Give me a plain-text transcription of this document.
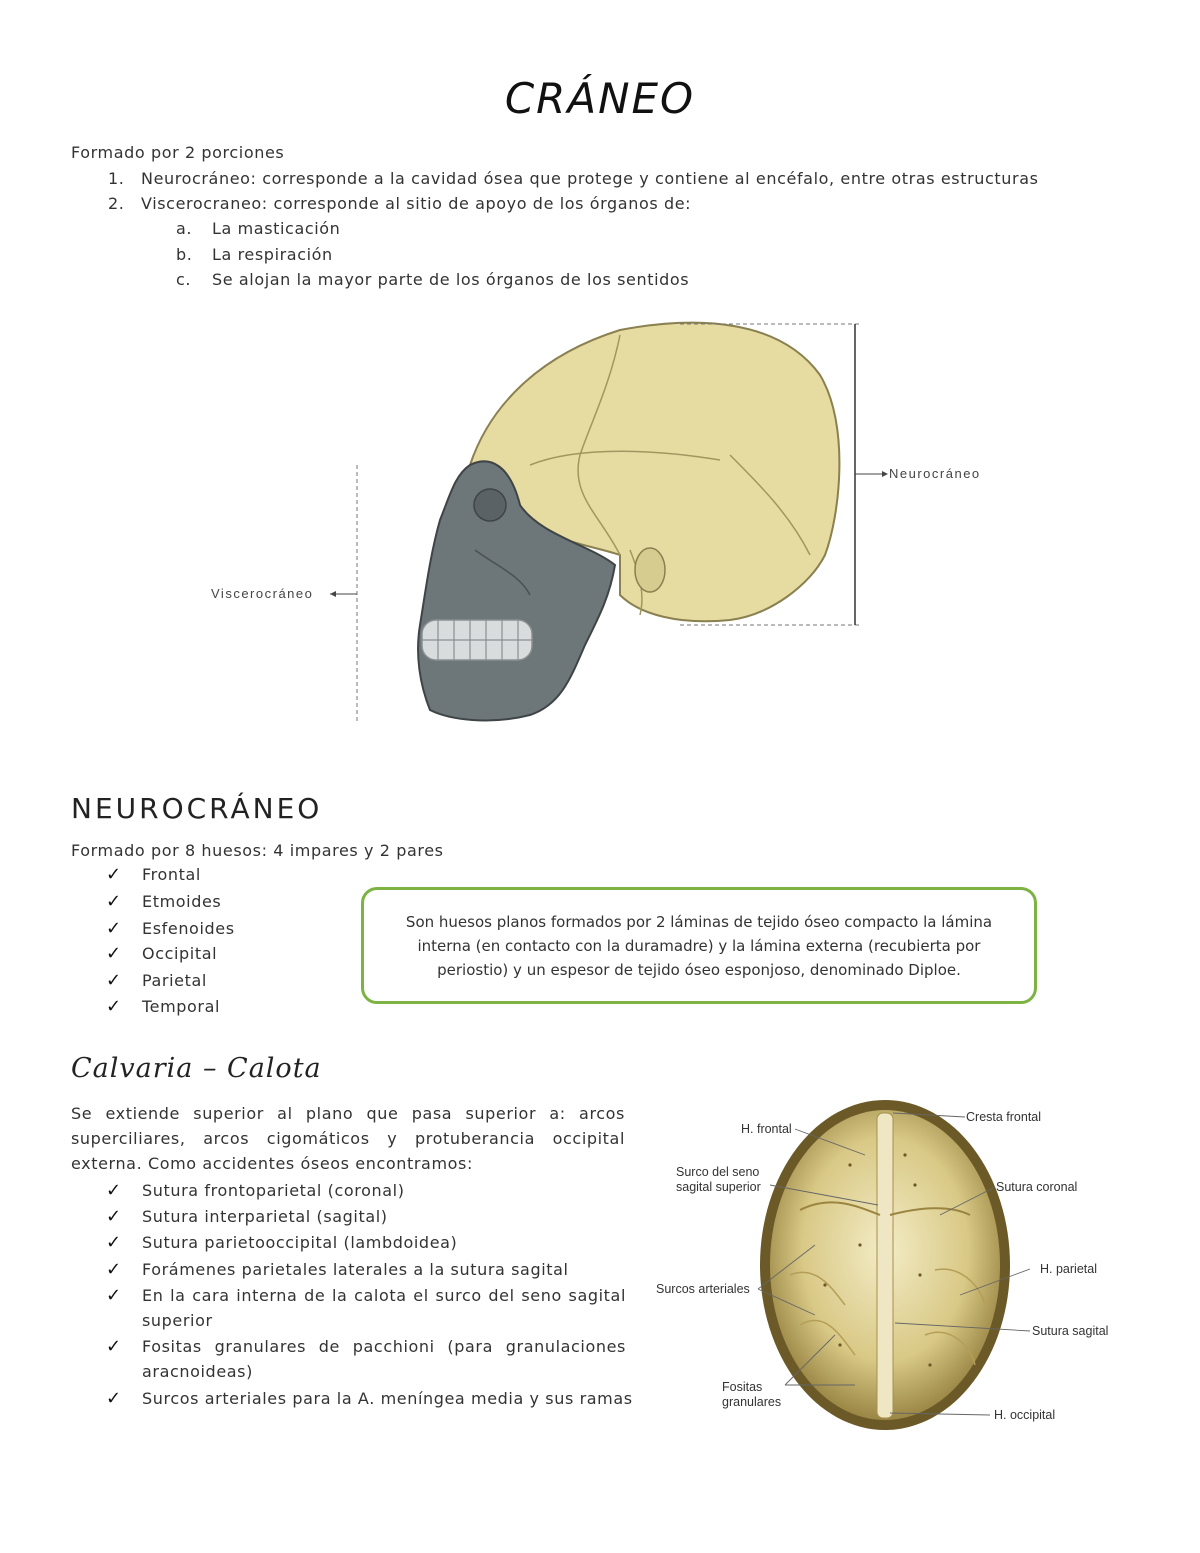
CRÁNEO
Formado por 2 porciones
1. Neurocráneo: corresponde a la cavidad ósea que protege y contiene al encéfalo, entre otras estructuras
2. Viscerocraneo: corresponde al sitio de apoyo de los órganos de:
a. La masticación
b. La respiración
c. Se alojan la mayor parte de los órganos de los sentidos
Neurocráneo
Viscerocráneo
NEUROCRÁNEO
Formado por 8 huesos: 4 impares y 2 pares
✓ Frontal
✓ Etmoides
✓ Esfenoides
✓ Occipital
✓ Parietal
✓ Temporal
Son huesos planos formados por 2 láminas de tejido óseo compacto la lámina interna (en contacto con la duramadre) y la lámina externa (recubierta por periostio) y un espesor de tejido óseo esponjoso, denominado Diploe.
Calvaria – Calota
Se extiende superior al plano que pasa superior a: arcos superciliares, arcos cigomáticos y protuberancia occipital externa. Como accidentes óseos encontramos:
✓ Sutura frontoparietal (coronal)
✓ Sutura interparietal (sagital)
✓ Sutura parietooccipital (lambdoidea)
✓ Forámenes parietales laterales a la sutura sagital
✓	En la cara interna de la calota el surco del seno sagital superior
✓	Fositas granulares de pacchioni (para granulaciones aracnoideas)
✓ Surcos arteriales para la A. meníngea media y sus ramas
H. frontal
Cresta frontal
Surco del seno
sagital superior	Sutura coronal
H. parietal
Surcos arteriales
Sutura sagital
Fositas
granulares
H. occipital
